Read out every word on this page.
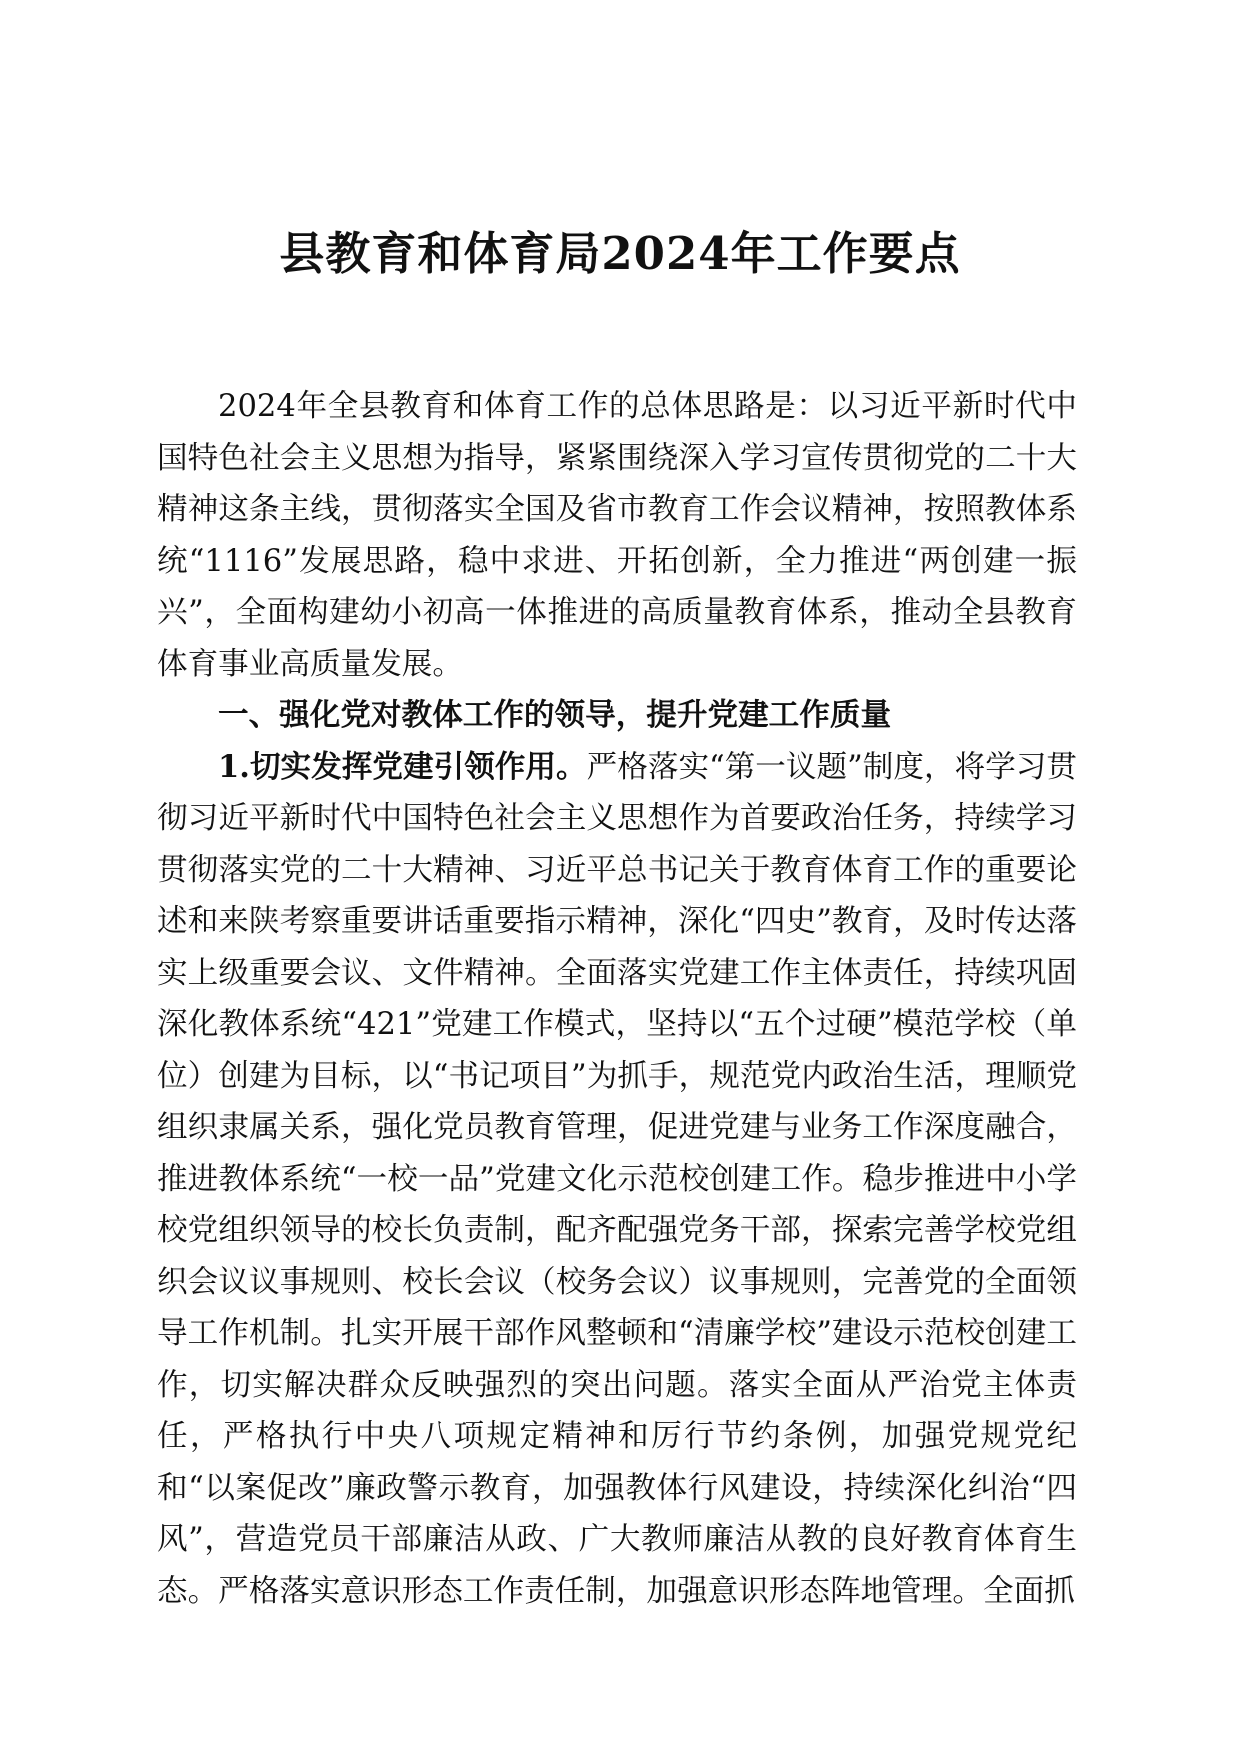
县教育和体育局2024年工作要点

2024年全县教育和体育工作的总体思路是：以习近平新时代中国特色社会主义思想为指导，紧紧围绕深入学习宣传贯彻党的二十大精神这条主线，贯彻落实全国及省市教育工作会议精神，按照教体系统“1116”发展思路，稳中求进、开拓创新，全力推进“两创建一振兴”，全面构建幼小初高一体推进的高质量教育体系，推动全县教育体育事业高质量发展。

一、强化党对教体工作的领导，提升党建工作质量

1.切实发挥党建引领作用。严格落实“第一议题”制度，将学习贯彻习近平新时代中国特色社会主义思想作为首要政治任务，持续学习贯彻落实党的二十大精神、习近平总书记关于教育体育工作的重要论述和来陕考察重要讲话重要指示精神，深化“四史”教育，及时传达落实上级重要会议、文件精神。全面落实党建工作主体责任，持续巩固深化教体系统“421”党建工作模式，坚持以“五个过硬”模范学校（单位）创建为目标，以“书记项目”为抓手，规范党内政治生活，理顺党组织隶属关系，强化党员教育管理，促进党建与业务工作深度融合，推进教体系统“一校一品”党建文化示范校创建工作。稳步推进中小学校党组织领导的校长负责制，配齐配强党务干部，探索完善学校党组织会议议事规则、校长会议（校务会议）议事规则，完善党的全面领导工作机制。扎实开展干部作风整顿和“清廉学校”建设示范校创建工作，切实解决群众反映强烈的突出问题。落实全面从严治党主体责任，严格执行中央八项规定精神和厉行节约条例，加强党规党纪和“以案促改”廉政警示教育，加强教体行风建设，持续深化纠治“四风”，营造党员干部廉洁从政、广大教师廉洁从教的良好教育体育生态。严格落实意识形态工作责任制，加强意识形态阵地管理。全面抓
